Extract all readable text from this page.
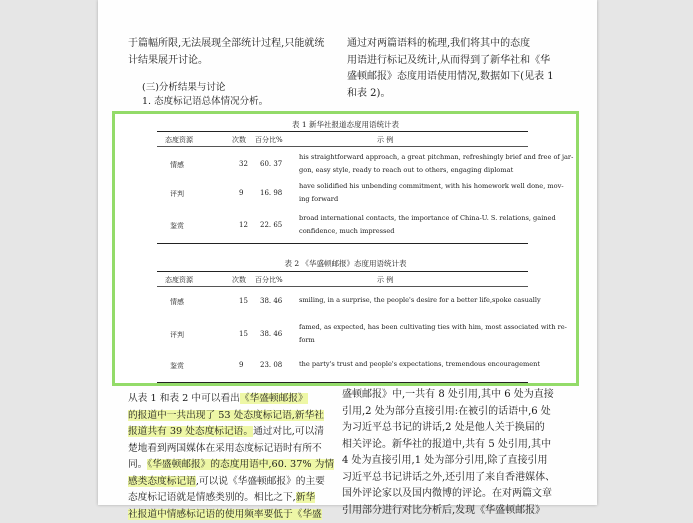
于篇幅所限,无法展现全部统计过程,只能就统
计结果展开讨论。
(三)分析结果与讨论
1. 态度标记语总体情况分析。
通过对两篇语料的梳理,我们将其中的态度
用语进行标记及统计,从而得到了新华社和《华
盛顿邮报》态度用语使用情况,数据如下(见表 1
和表 2)。
表 1 新华社报道态度用语统计表
态度资源	次数 百分比%	示 例
情感	32 60. 37
his straightforward approach, a great pitchman, refreshingly brief and free of jar-
gon, easy style, ready to reach out to others, engaging diplomat
评判	9 16. 98
have solidified his unbending commitment, with his homework well done, mov-
ing forward
鉴赏	12 22. 65
broad international contacts, the importance of China-U. S. relations, gained
confidence, much impressed
表 2 《华盛顿邮报》态度用语统计表
态度资源	次数 百分比%	示 例
情感	15 38. 46	smiling, in a surprise, the people's desire for a better life,spoke casually
评判	15 38. 46
famed, as expected, has been cultivating ties with him, most associated with re-
form
鉴赏	9 23. 08	the party's trust and people's expectations, tremendous encouragement
从表 1 和表 2 中可以看出《华盛顿邮报》
的报道中一共出现了 53 处态度标记语,新华社
报道共有 39 处态度标记语。通过对比,可以清
楚地看到两国媒体在采用态度标记语时有所不
同。《华盛顿邮报》的态度用语中,60. 37% 为情
感类态度标记语,可以说《华盛顿邮报》的主要
态度标记语就是情感类别的。相比之下,新华
社报道中情感标记语的使用频率要低于《华盛
盛顿邮报》中,一共有 8 处引用,其中 6 处为直接
引用,2 处为部分直接引用:在被引的话语中,6 处
为习近平总书记的讲话,2 处是他人关于换届的
相关评论。新华社的报道中,共有 5 处引用,其中
4 处为直接引用,1 处为部分引用,除了直接引用
习近平总书记讲话之外,还引用了来自香港媒体、
国外评论家以及国内微博的评论。在对两篇文章
引用部分进行对比分析后,发现《华盛顿邮报》
